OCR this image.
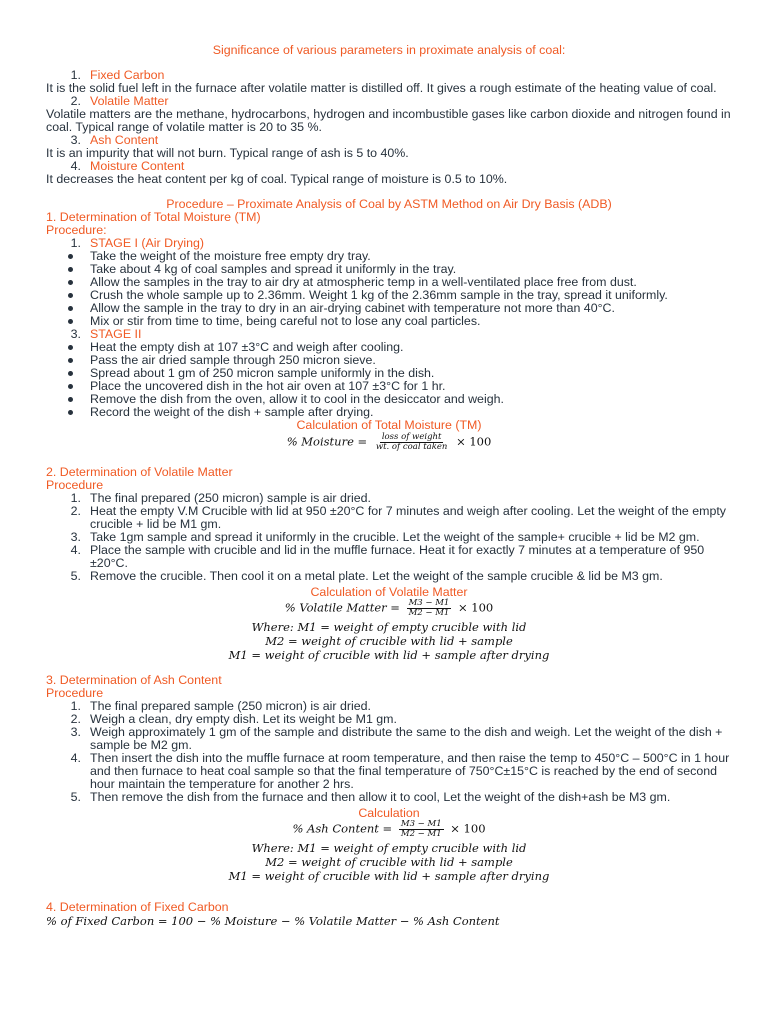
Significance of various parameters in proximate analysis of coal:
1. Fixed Carbon
It is the solid fuel left in the furnace after volatile matter is distilled off. It gives a rough estimate of the heating value of coal.
2. Volatile Matter
Volatile matters are the methane, hydrocarbons, hydrogen and incombustible gases like carbon dioxide and nitrogen found in coal. Typical range of volatile matter is 20 to 35 %.
3. Ash Content
It is an impurity that will not burn. Typical range of ash is 5 to 40%.
4. Moisture Content
It decreases the heat content per kg of coal. Typical range of moisture is 0.5 to 10%.
Procedure – Proximate Analysis of Coal by ASTM Method on Air Dry Basis (ADB)
1. Determination of Total Moisture (TM)
Procedure:
1. STAGE I (Air Drying)
Take the weight of the moisture free empty dry tray.
Take about 4 kg of coal samples and spread it uniformly in the tray.
Allow the samples in the tray to air dry at atmospheric temp in a well-ventilated place free from dust.
Crush the whole sample up to 2.36mm. Weight 1 kg of the 2.36mm sample in the tray, spread it uniformly.
Allow the sample in the tray to dry in an air-drying cabinet with temperature not more than 40°C.
Mix or stir from time to time, being careful not to lose any coal particles.
3. STAGE II
Heat the empty dish at 107 ±3°C and weigh after cooling.
Pass the air dried sample through 250 micron sieve.
Spread about 1 gm of 250 micron sample uniformly in the dish.
Place the uncovered dish in the hot air oven at 107 ±3°C for 1 hr.
Remove the dish from the oven, allow it to cool in the desiccator and weigh.
Record the weight of the dish + sample after drying.
Calculation of Total Moisture (TM)
% Moisture = $\frac{\text{loss of weight}}{\text{wt. of coal taken}} \times 100$
2. Determination of Volatile Matter
Procedure
1. The final prepared (250 micron) sample is air dried.
2. Heat the empty V.M Crucible with lid at 950 ±20°C for 7 minutes and weigh after cooling. Let the weight of the empty crucible + lid be M1 gm.
3. Take 1gm sample and spread it uniformly in the crucible. Let the weight of the sample+ crucible + lid be M2 gm.
4. Place the sample with crucible and lid in the muffle furnace. Heat it for exactly 7 minutes at a temperature of 950 ±20°C.
5. Remove the crucible. Then cool it on a metal plate. Let the weight of the sample crucible & lid be M3 gm.
Calculation of Volatile Matter
% Volatile Matter = $\frac{M3 - M1}{M2 - M1} \times 100$
Where: M1 = weight of empty crucible with lid
M2 = weight of crucible with lid + sample
M1 = weight of crucible with lid + sample after drying
3. Determination of Ash Content
Procedure
1. The final prepared sample (250 micron) is air dried.
2. Weigh a clean, dry empty dish. Let its weight be M1 gm.
3. Weigh approximately 1 gm of the sample and distribute the same to the dish and weigh. Let the weight of the dish + sample be M2 gm.
4. Then insert the dish into the muffle furnace at room temperature, and then raise the temp to 450°C – 500°C in 1 hour and then furnace to heat coal sample so that the final temperature of 750°C±15°C is reached by the end of second hour maintain the temperature for another 2 hrs.
5. Then remove the dish from the furnace and then allow it to cool, Let the weight of the dish+ash be M3 gm.
Calculation
% Ash Content = $\frac{M3 - M1}{M2 - M1} \times 100$
Where: M1 = weight of empty crucible with lid
M2 = weight of crucible with lid + sample
M1 = weight of crucible with lid + sample after drying
4. Determination of Fixed Carbon
% of Fixed Carbon = 100 − % Moisture − % Volatile Matter − % Ash Content
